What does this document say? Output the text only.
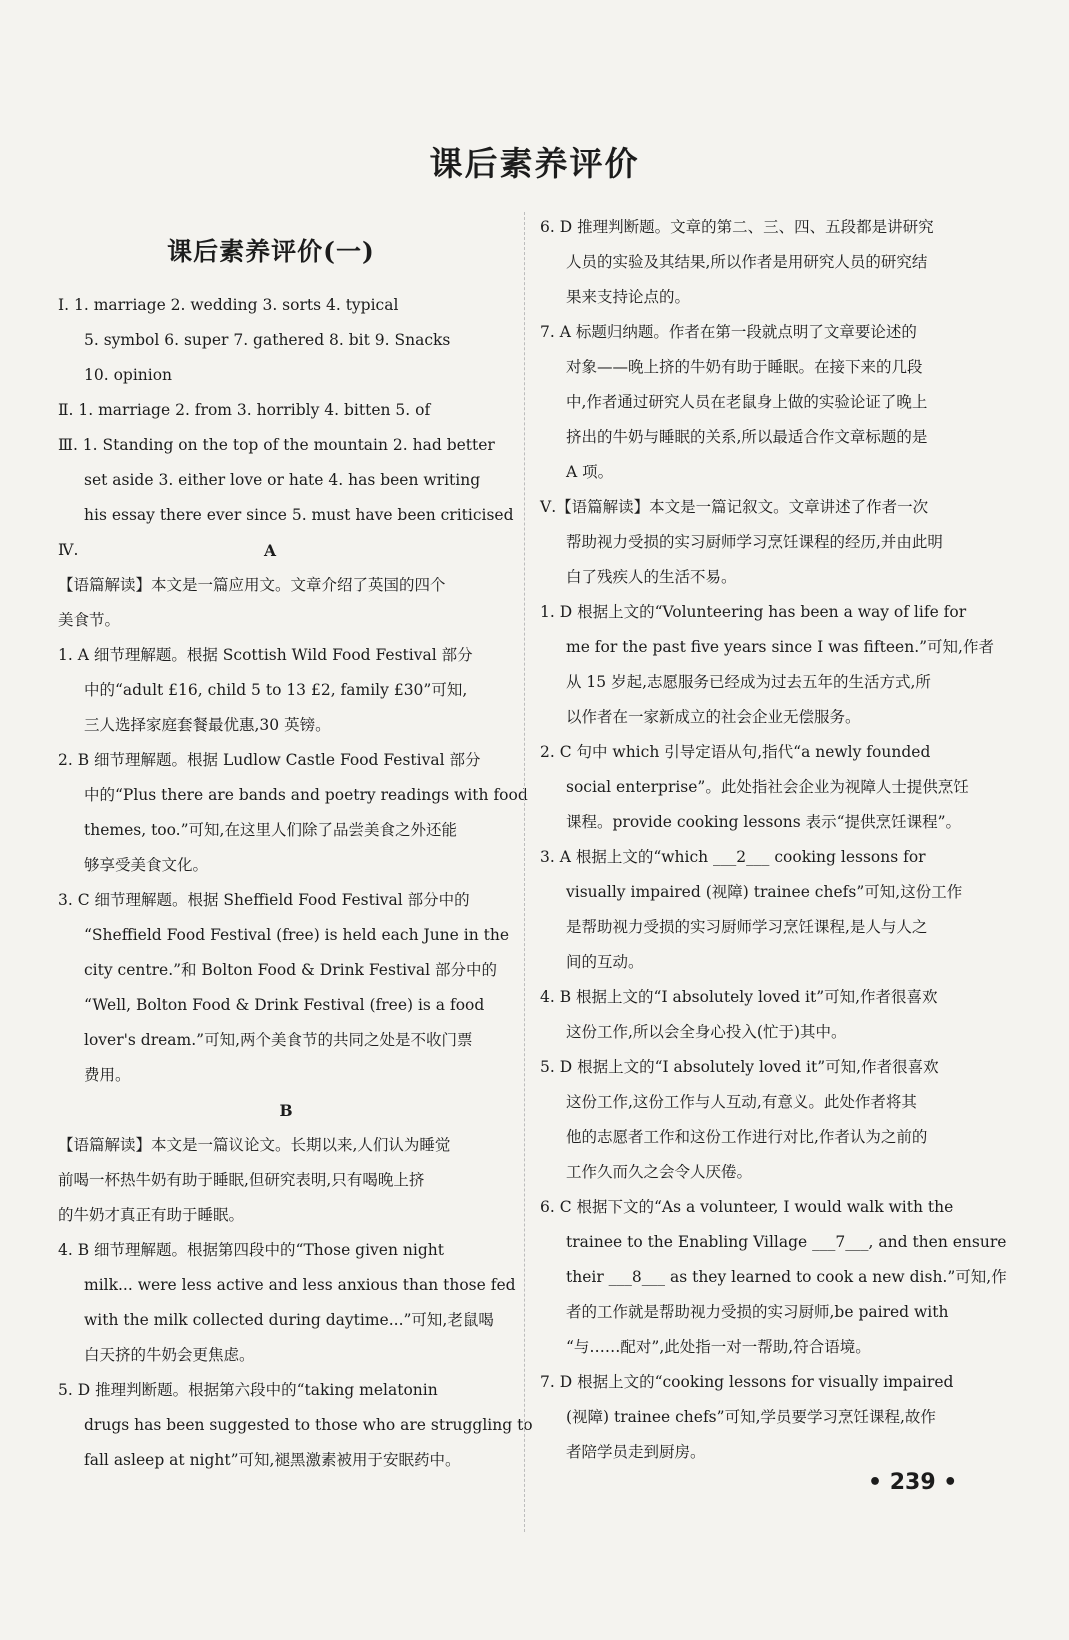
课后素养评价
课后素养评价(一)
Ⅰ. 1. marriage 2. wedding 3. sorts 4. typical
5. symbol 6. super 7. gathered 8. bit 9. Snacks
10. opinion
Ⅱ. 1. marriage 2. from 3. horribly 4. bitten 5. of
Ⅲ. 1. Standing on the top of the mountain 2. had better
set aside 3. either love or hate 4. has been writing
his essay there ever since 5. must have been criticised
Ⅳ.	A
【语篇解读】本文是一篇应用文。文章介绍了英国的四个
美食节。
1. A 细节理解题。根据 Scottish Wild Food Festival 部分
中的“adult £16, child 5 to 13 £2, family £30”可知,
三人选择家庭套餐最优惠,30 英镑。
2. B 细节理解题。根据 Ludlow Castle Food Festival 部分
中的“Plus there are bands and poetry readings with food
themes, too.”可知,在这里人们除了品尝美食之外还能
够享受美食文化。
3. C 细节理解题。根据 Sheffield Food Festival 部分中的
“Sheffield Food Festival (free) is held each June in the
city centre.”和 Bolton Food & Drink Festival 部分中的
“Well, Bolton Food & Drink Festival (free) is a food
lover's dream.”可知,两个美食节的共同之处是不收门票
费用。
B
【语篇解读】本文是一篇议论文。长期以来,人们认为睡觉
前喝一杯热牛奶有助于睡眠,但研究表明,只有喝晚上挤
的牛奶才真正有助于睡眠。
4. B 细节理解题。根据第四段中的“Those given night
milk... were less active and less anxious than those fed
with the milk collected during daytime...”可知,老鼠喝
白天挤的牛奶会更焦虑。
5. D 推理判断题。根据第六段中的“taking melatonin
drugs has been suggested to those who are struggling to
fall asleep at night”可知,褪黑激素被用于安眠药中。
6. D 推理判断题。文章的第二、三、四、五段都是讲研究
人员的实验及其结果,所以作者是用研究人员的研究结
果来支持论点的。
7. A 标题归纳题。作者在第一段就点明了文章要论述的
对象——晚上挤的牛奶有助于睡眠。在接下来的几段
中,作者通过研究人员在老鼠身上做的实验论证了晚上
挤出的牛奶与睡眠的关系,所以最适合作文章标题的是
A 项。
Ⅴ.【语篇解读】本文是一篇记叙文。文章讲述了作者一次
帮助视力受损的实习厨师学习烹饪课程的经历,并由此明
白了残疾人的生活不易。
1. D 根据上文的“Volunteering has been a way of life for
me for the past five years since I was fifteen.”可知,作者
从 15 岁起,志愿服务已经成为过去五年的生活方式,所
以作者在一家新成立的社会企业无偿服务。
2. C 句中 which 引导定语从句,指代“a newly founded
social enterprise”。此处指社会企业为视障人士提供烹饪
课程。provide cooking lessons 表示“提供烹饪课程”。
3. A 根据上文的“which ___2___ cooking lessons for
visually impaired (视障) trainee chefs”可知,这份工作
是帮助视力受损的实习厨师学习烹饪课程,是人与人之
间的互动。
4. B 根据上文的“I absolutely loved it”可知,作者很喜欢
这份工作,所以会全身心投入(忙于)其中。
5. D 根据上文的“I absolutely loved it”可知,作者很喜欢
这份工作,这份工作与人互动,有意义。此处作者将其
他的志愿者工作和这份工作进行对比,作者认为之前的
工作久而久之会令人厌倦。
6. C 根据下文的“As a volunteer, I would walk with the
trainee to the Enabling Village ___7___, and then ensure
their ___8___ as they learned to cook a new dish.”可知,作
者的工作就是帮助视力受损的实习厨师,be paired with
“与……配对”,此处指一对一帮助,符合语境。
7. D 根据上文的“cooking lessons for visually impaired
(视障) trainee chefs”可知,学员要学习烹饪课程,故作
者陪学员走到厨房。
• 239 •
